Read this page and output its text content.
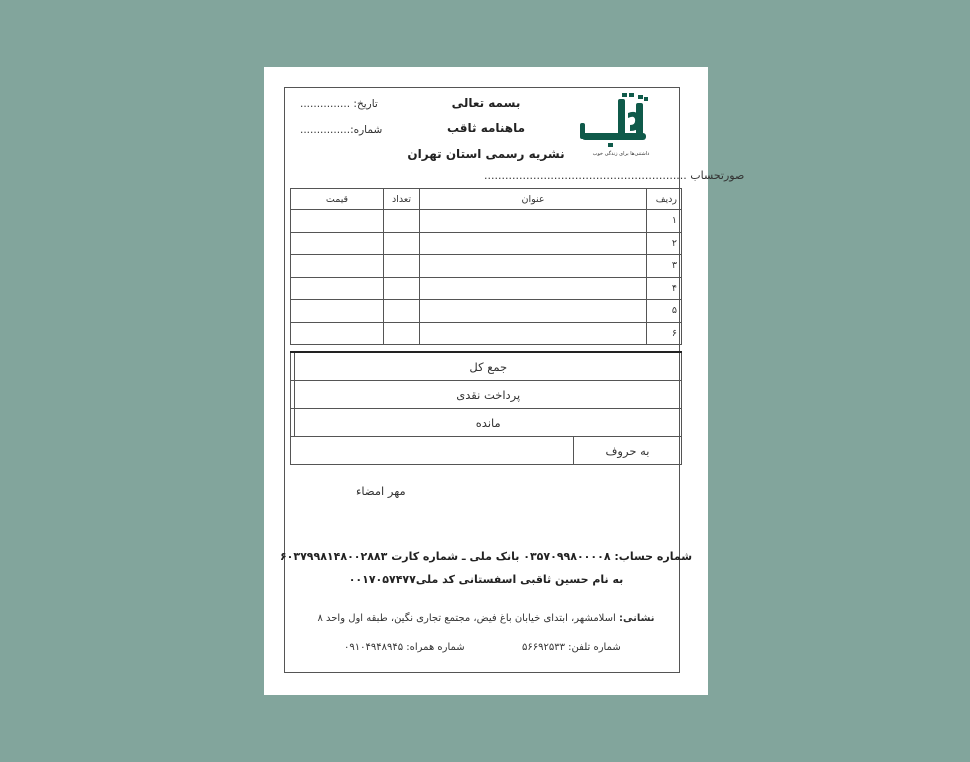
داشتنی‌ها برای زندگی خوب
بسمه تعالی
ماهنامه ثاقب
نشریه رسمی استان تهران
تاریخ: ...............
شماره:...............
صورتحساب ..........................................................
ردیف	عنوان	تعداد	قیمت
۱			
۲			
۳			
۴			
۵			
۶			
جمع کل		
پرداخت نقدی		
مانده		
به حروف		
مهر امضاء
شماره حساب: ۰۳۵۷۰۹۹۸۰۰۰۰۸ بانک ملی ـ شماره کارت ۶۰۳۷۹۹۸۱۴۸۰۰۲۸۸۳
به نام حسین ثاقبی اسفستانی کد ملی۰۰۱۷۰۵۷۴۷۷
نشانی: اسلامشهر، ابتدای خیابان باغ فیض، مجتمع تجاری نگین، طبقه اول واحد ۸
شماره تلفن: ۵۶۶۹۲۵۳۳
شماره همراه: ۰۹۱۰۴۹۴۸۹۴۵
